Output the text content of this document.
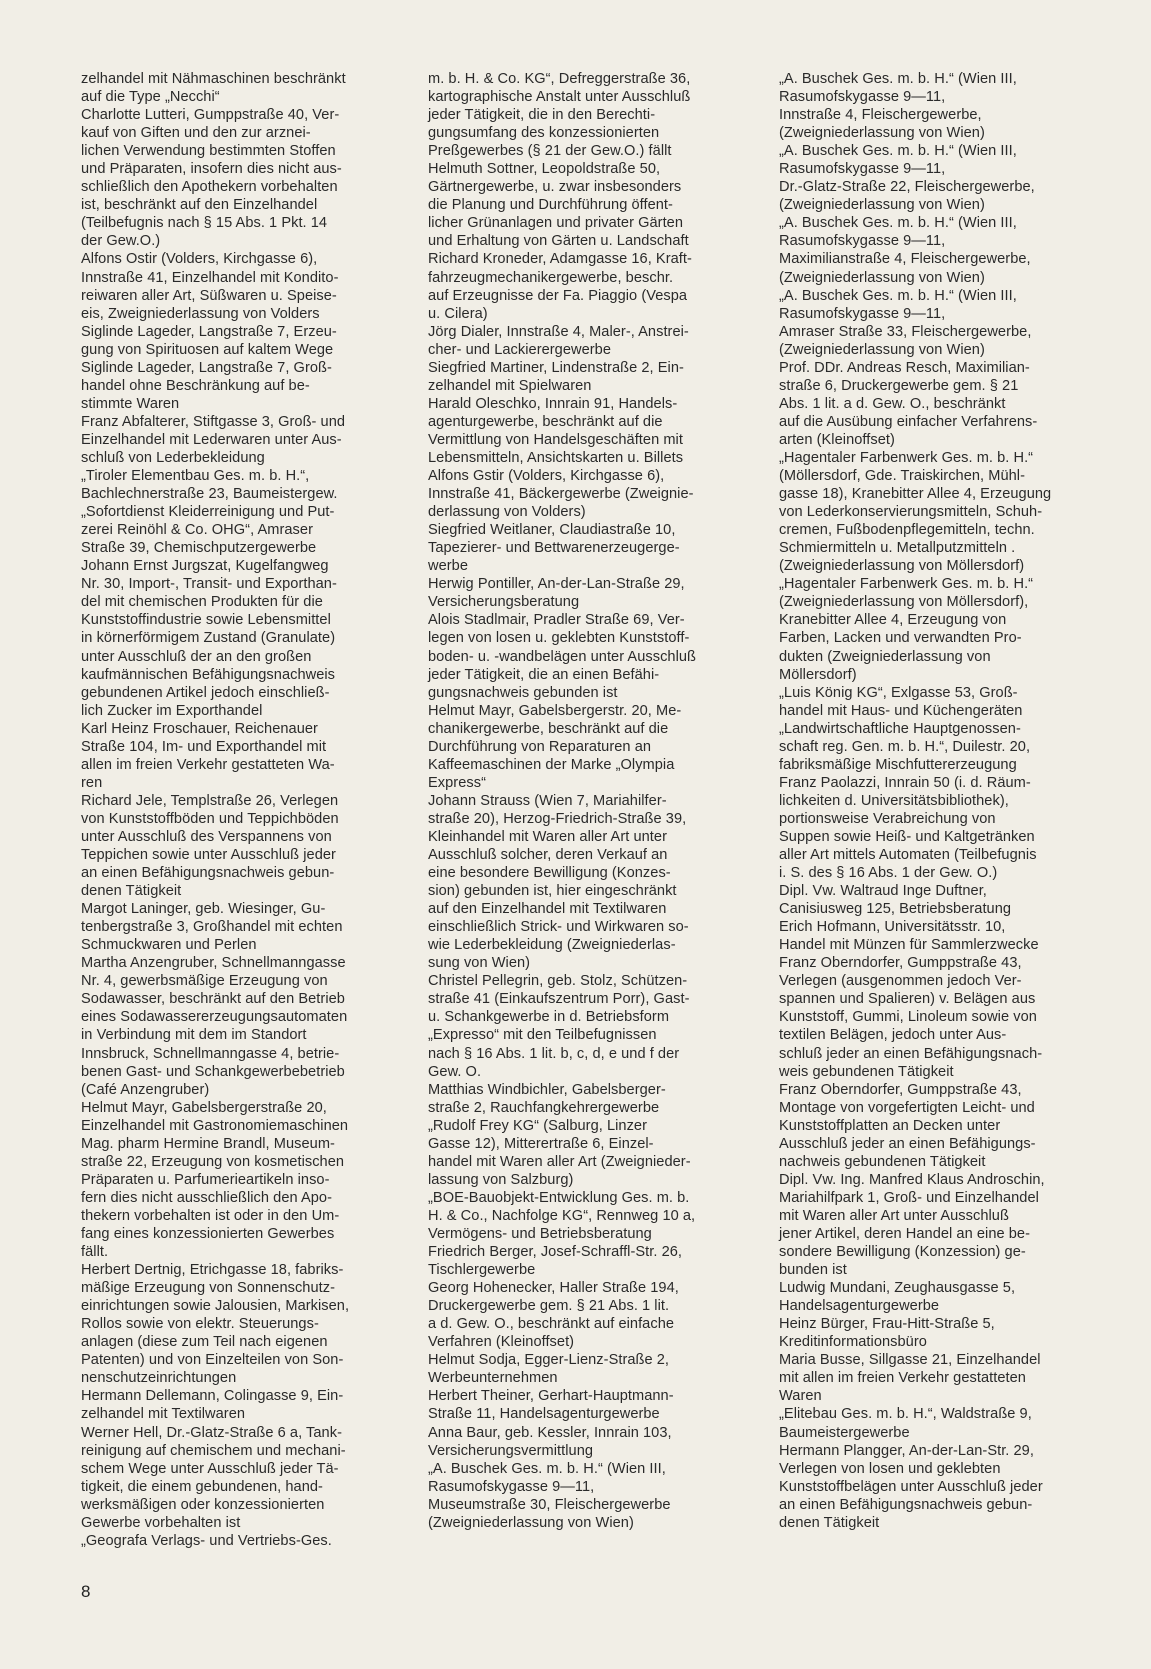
zelhandel mit Nähmaschinen beschränkt
auf die Type „Necchi“
Charlotte Lutteri, Gumppstraße 40, Ver-
kauf von Giften und den zur arznei-
lichen Verwendung bestimmten Stoffen
und Präparaten, insofern dies nicht aus-
schließlich den Apothekern vorbehalten
ist, beschränkt auf den Einzelhandel
(Teilbefugnis nach § 15 Abs. 1 Pkt. 14
der Gew.O.)
Alfons Ostir (Volders, Kirchgasse 6),
Innstraße 41, Einzelhandel mit Kondito-
reiwaren aller Art, Süßwaren u. Speise-
eis, Zweigniederlassung von Volders
Siglinde Lageder, Langstraße 7, Erzeu-
gung von Spirituosen auf kaltem Wege
Siglinde Lageder, Langstraße 7, Groß-
handel ohne Beschränkung auf be-
stimmte Waren
Franz Abfalterer, Stiftgasse 3, Groß- und
Einzelhandel mit Lederwaren unter Aus-
schluß von Lederbekleidung
„Tiroler Elementbau Ges. m. b. H.“,
Bachlechnerstraße 23, Baumeistergew.
„Sofortdienst Kleiderreinigung und Put-
zerei Reinöhl & Co. OHG“, Amraser
Straße 39, Chemischputzergewerbe
Johann Ernst Jurgszat, Kugelfangweg
Nr. 30, Import-, Transit- und Exporthan-
del mit chemischen Produkten für die
Kunststoffindustrie sowie Lebensmittel
in körnerförmigem Zustand (Granulate)
unter Ausschluß der an den großen
kaufmännischen Befähigungsnachweis
gebundenen Artikel jedoch einschließ-
lich Zucker im Exporthandel
Karl Heinz Froschauer, Reichenauer
Straße 104, Im- und Exporthandel mit
allen im freien Verkehr gestatteten Wa-
ren
Richard Jele, Templstraße 26, Verlegen
von Kunststoffböden und Teppichböden
unter Ausschluß des Verspannens von
Teppichen sowie unter Ausschluß jeder
an einen Befähigungsnachweis gebun-
denen Tätigkeit
Margot Laninger, geb. Wiesinger, Gu-
tenbergstraße 3, Großhandel mit echten
Schmuckwaren und Perlen
Martha Anzengruber, Schnellmanngasse
Nr. 4, gewerbsmäßige Erzeugung von
Sodawasser, beschränkt auf den Betrieb
eines Sodawassererzeugungsautomaten
in Verbindung mit dem im Standort
Innsbruck, Schnellmanngasse 4, betrie-
benen Gast- und Schankgewerbebetrieb
(Café Anzengruber)
Helmut Mayr, Gabelsbergerstraße 20,
Einzelhandel mit Gastronomiemaschinen
Mag. pharm Hermine Brandl, Museum-
straße 22, Erzeugung von kosmetischen
Präparaten u. Parfumerieartikeln inso-
fern dies nicht ausschließlich den Apo-
thekern vorbehalten ist oder in den Um-
fang eines konzessionierten Gewerbes
fällt.
Herbert Dertnig, Etrichgasse 18, fabriks-
mäßige Erzeugung von Sonnenschutz-
einrichtungen sowie Jalousien, Markisen,
Rollos sowie von elektr. Steuerungs-
anlagen (diese zum Teil nach eigenen
Patenten) und von Einzelteilen von Son-
nenschutzeinrichtungen
Hermann Dellemann, Colingasse 9, Ein-
zelhandel mit Textilwaren
Werner Hell, Dr.-Glatz-Straße 6 a, Tank-
reinigung auf chemischem und mechani-
schem Wege unter Ausschluß jeder Tä-
tigkeit, die einem gebundenen, hand-
werksmäßigen oder konzessionierten
Gewerbe vorbehalten ist
„Geografa Verlags- und Vertriebs-Ges.
m. b. H. & Co. KG“, Defreggerstraße 36,
kartographische Anstalt unter Ausschluß
jeder Tätigkeit, die in den Berechti-
gungsumfang des konzessionierten
Preßgewerbes (§ 21 der Gew.O.) fällt
Helmuth Sottner, Leopoldstraße 50,
Gärtnergewerbe, u. zwar insbesonders
die Planung und Durchführung öffent-
licher Grünanlagen und privater Gärten
und Erhaltung von Gärten u. Landschaft
Richard Kroneder, Adamgasse 16, Kraft-
fahrzeugmechanikergewerbe, beschr.
auf Erzeugnisse der Fa. Piaggio (Vespa
u. Cilera)
Jörg Dialer, Innstraße 4, Maler-, Anstrei-
cher- und Lackierergewerbe
Siegfried Martiner, Lindenstraße 2, Ein-
zelhandel mit Spielwaren
Harald Oleschko, Innrain 91, Handels-
agenturgewerbe, beschränkt auf die
Vermittlung von Handelsgeschäften mit
Lebensmitteln, Ansichtskarten u. Billets
Alfons Gstir (Volders, Kirchgasse 6),
Innstraße 41, Bäckergewerbe (Zweignie-
derlassung von Volders)
Siegfried Weitlaner, Claudiastraße 10,
Tapezierer- und Bettwarenerzeugerge-
werbe
Herwig Pontiller, An-der-Lan-Straße 29,
Versicherungsberatung
Alois Stadlmair, Pradler Straße 69, Ver-
legen von losen u. geklebten Kunststoff-
boden- u. -wandbelägen unter Ausschluß
jeder Tätigkeit, die an einen Befähi-
gungsnachweis gebunden ist
Helmut Mayr, Gabelsbergerstr. 20, Me-
chanikergewerbe, beschränkt auf die
Durchführung von Reparaturen an
Kaffeemaschinen der Marke „Olympia
Express“
Johann Strauss (Wien 7, Mariahilfer-
straße 20), Herzog-Friedrich-Straße 39,
Kleinhandel mit Waren aller Art unter
Ausschluß solcher, deren Verkauf an
eine besondere Bewilligung (Konzes-
sion) gebunden ist, hier eingeschränkt
auf den Einzelhandel mit Textilwaren
einschließlich Strick- und Wirkwaren so-
wie Lederbekleidung (Zweigniederlas-
sung von Wien)
Christel Pellegrin, geb. Stolz, Schützen-
straße 41 (Einkaufszentrum Porr), Gast-
u. Schankgewerbe in d. Betriebsform
„Expresso“ mit den Teilbefugnissen
nach § 16 Abs. 1 lit. b, c, d, e und f der
Gew. O.
Matthias Windbichler, Gabelsberger-
straße 2, Rauchfangkehrergewerbe
„Rudolf Frey KG“ (Salburg, Linzer
Gasse 12), Mitterertraße 6, Einzel-
handel mit Waren aller Art (Zweignieder-
lassung von Salzburg)
„BOE-Bauobjekt-Entwicklung Ges. m. b.
H. & Co., Nachfolge KG“, Rennweg 10 a,
Vermögens- und Betriebsberatung
Friedrich Berger, Josef-Schraffl-Str. 26,
Tischlergewerbe
Georg Hohenecker, Haller Straße 194,
Druckergewerbe gem. § 21 Abs. 1 lit.
a d. Gew. O., beschränkt auf einfache
Verfahren (Kleinoffset)
Helmut Sodja, Egger-Lienz-Straße 2,
Werbeunternehmen
Herbert Theiner, Gerhart-Hauptmann-
Straße 11, Handelsagenturgewerbe
Anna Baur, geb. Kessler, Innrain 103,
Versicherungsvermittlung
„A. Buschek Ges. m. b. H.“ (Wien III,
Rasumofskygasse 9—11,
Museumstraße 30, Fleischergewerbe
(Zweigniederlassung von Wien)
„A. Buschek Ges. m. b. H.“ (Wien III,
Rasumofskygasse 9—11,
Innstraße 4, Fleischergewerbe,
(Zweigniederlassung von Wien)
„A. Buschek Ges. m. b. H.“ (Wien III,
Rasumofskygasse 9—11,
Dr.-Glatz-Straße 22, Fleischergewerbe,
(Zweigniederlassung von Wien)
„A. Buschek Ges. m. b. H.“ (Wien III,
Rasumofskygasse 9—11,
Maximilianstraße 4, Fleischergewerbe,
(Zweigniederlassung von Wien)
„A. Buschek Ges. m. b. H.“ (Wien III,
Rasumofskygasse 9—11,
Amraser Straße 33, Fleischergewerbe,
(Zweigniederlassung von Wien)
Prof. DDr. Andreas Resch, Maximilian-
straße 6, Druckergewerbe gem. § 21
Abs. 1 lit. a d. Gew. O., beschränkt
auf die Ausübung einfacher Verfahrens-
arten (Kleinoffset)
„Hagentaler Farbenwerk Ges. m. b. H.“
(Möllersdorf, Gde. Traiskirchen, Mühl-
gasse 18), Kranebitter Allee 4, Erzeugung
von Lederkonservierungsmitteln, Schuh-
cremen, Fußbodenpflegemitteln, techn.
Schmiermitteln u. Metallputzmitteln .
(Zweigniederlassung von Möllersdorf)
„Hagentaler Farbenwerk Ges. m. b. H.“
(Zweigniederlassung von Möllersdorf),
Kranebitter Allee 4, Erzeugung von
Farben, Lacken und verwandten Pro-
dukten (Zweigniederlassung von
Möllersdorf)
„Luis König KG“, Exlgasse 53, Groß-
handel mit Haus- und Küchengeräten
„Landwirtschaftliche Hauptgenossen-
schaft reg. Gen. m. b. H.“, Duilestr. 20,
fabriksmäßige Mischfuttererzeugung
Franz Paolazzi, Innrain 50 (i. d. Räum-
lichkeiten d. Universitätsbibliothek),
portionsweise Verabreichung von
Suppen sowie Heiß- und Kaltgetränken
aller Art mittels Automaten (Teilbefugnis
i. S. des § 16 Abs. 1 der Gew. O.)
Dipl. Vw. Waltraud Inge Duftner,
Canisiusweg 125, Betriebsberatung
Erich Hofmann, Universitätsstr. 10,
Handel mit Münzen für Sammlerzwecke
Franz Oberndorfer, Gumppstraße 43,
Verlegen (ausgenommen jedoch Ver-
spannen und Spalieren) v. Belägen aus
Kunststoff, Gummi, Linoleum sowie von
textilen Belägen, jedoch unter Aus-
schluß jeder an einen Befähigungsnach-
weis gebundenen Tätigkeit
Franz Oberndorfer, Gumppstraße 43,
Montage von vorgefertigten Leicht- und
Kunststoffplatten an Decken unter
Ausschluß jeder an einen Befähigungs-
nachweis gebundenen Tätigkeit
Dipl. Vw. Ing. Manfred Klaus Androschin,
Mariahilfpark 1, Groß- und Einzelhandel
mit Waren aller Art unter Ausschluß
jener Artikel, deren Handel an eine be-
sondere Bewilligung (Konzession) ge-
bunden ist
Ludwig Mundani, Zeughausgasse 5,
Handelsagenturgewerbe
Heinz Bürger, Frau-Hitt-Straße 5,
Kreditinformationsbüro
Maria Busse, Sillgasse 21, Einzelhandel
mit allen im freien Verkehr gestatteten
Waren
„Elitebau Ges. m. b. H.“, Waldstraße 9,
Baumeistergewerbe
Hermann Plangger, An-der-Lan-Str. 29,
Verlegen von losen und geklebten
Kunststoffbelägen unter Ausschluß jeder
an einen Befähigungsnachweis gebun-
denen Tätigkeit
8
